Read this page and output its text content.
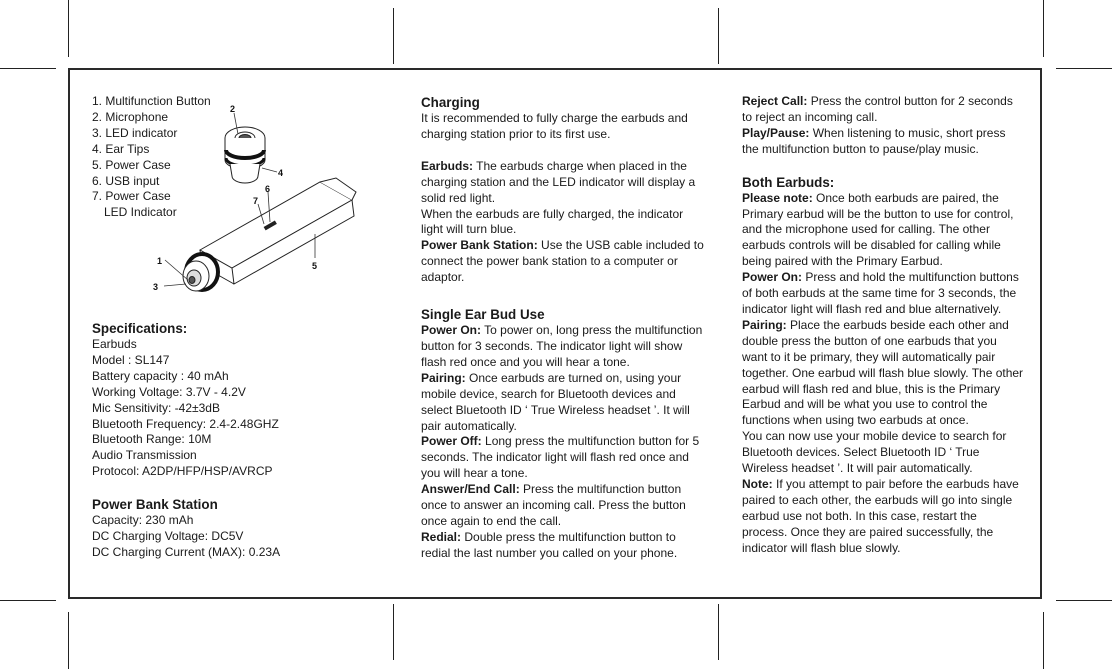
1. Multifunction Button

2. Microphone

3. LED indicator

4. Ear Tips

5. Power Case

6. USB input

7. Power Case

LED Indicator

2
4
6
7
1
3
5

Specifications:

Earbuds

Model : SL147

Battery capacity : 40 mAh

Working Voltage: 3.7V - 4.2V

Mic Sensitivity: -42±3dB

Bluetooth Frequency: 2.4-2.48GHZ

Bluetooth Range: 10M

Audio Transmission

Protocol: A2DP/HFP/HSP/AVRCP

Power Bank Station

Capacity: 230 mAh

DC Charging Voltage: DC5V

DC Charging Current (MAX): 0.23A

Charging

It is recommended to fully charge the earbuds and charging station prior to its first use.

Earbuds: The earbuds charge when placed in the charging station and the LED indicator will display a solid red light.

When the earbuds are fully charged, the indicator light will turn blue.

Power Bank Station: Use the USB cable included to connect the power bank station to a computer or adaptor.

Single Ear Bud Use

Power On: To power on, long press the multifunction button for 3 seconds. The indicator light will show flash red once and you will hear a tone.

Pairing: Once earbuds are turned on, using your mobile device, search for Bluetooth devices and select Bluetooth ID ‘ True Wireless headset ’. It will pair automatically.

Power Off: Long press the multifunction button for 5 seconds. The indicator light will flash red once and you will hear a tone.

Answer/End Call: Press the multifunction button once to answer an incoming call. Press the button once again to end the call.

Redial: Double press the multifunction button to redial the last number you called on your phone.

Reject Call: Press the control button for 2 seconds to reject an incoming call.

Play/Pause: When listening to music, short press the multifunction button to pause/play music.

Both Earbuds:

Please note: Once both earbuds are paired, the Primary earbud will be the button to use for control, and the microphone used for calling. The other earbuds controls will be disabled for calling while being paired with the Primary Earbud.

Power On: Press and hold the multifunction buttons of both earbuds at the same time for 3 seconds, the indicator light will flash red and blue alternatively.

Pairing: Place the earbuds beside each other and double press the button of one earbuds that you want to it be primary, they will automatically pair together. One earbud will flash blue slowly. The other earbud will flash red and blue, this is the Primary Earbud and will be what you use to control the functions when using two earbuds at once.

You can now use your mobile device to search for Bluetooth devices. Select Bluetooth ID ‘ True Wireless headset ’. It will pair automatically.

Note: If you attempt to pair before the earbuds have paired to each other, the earbuds will go into single earbud use not both. In this case, restart the process. Once they are paired successfully, the indicator will flash blue slowly.
